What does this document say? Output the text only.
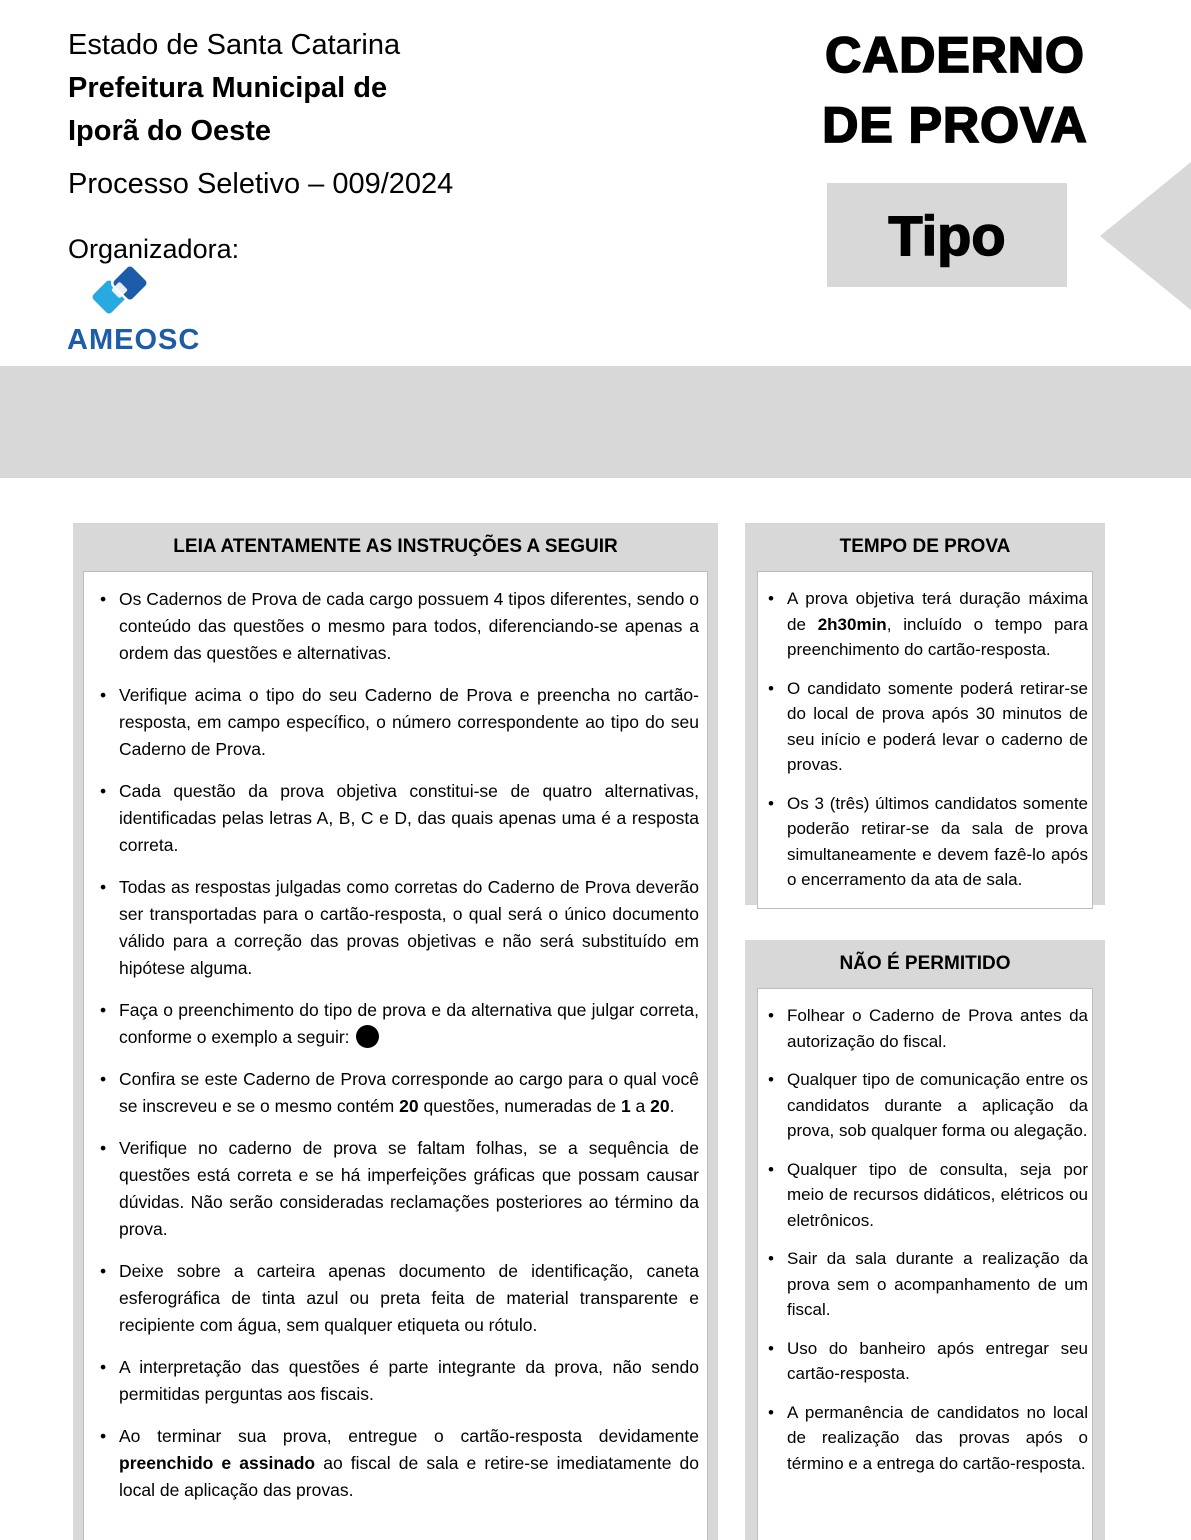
Estado de Santa Catarina
Prefeitura Municipal de
Iporã do Oeste
Processo Seletivo – 009/2024
Organizadora:
AMEOSC
CADERNO
DE PROVA
Tipo
LEIA ATENTAMENTE AS INSTRUÇÕES A SEGUIR
• Os Cadernos de Prova de cada cargo possuem 4 tipos diferentes, sendo o conteúdo das questões o mesmo para todos, diferenciando-se apenas a ordem das questões e alternativas.
• Verifique acima o tipo do seu Caderno de Prova e preencha no cartão-resposta, em campo específico, o número correspondente ao tipo do seu Caderno de Prova.
• Cada questão da prova objetiva constitui-se de quatro alternativas, identificadas pelas letras A, B, C e D, das quais apenas uma é a resposta correta.
• Todas as respostas julgadas como corretas do Caderno de Prova deverão ser transportadas para o cartão-resposta, o qual será o único documento válido para a correção das provas objetivas e não será substituído em hipótese alguma.
• Faça o preenchimento do tipo de prova e da alternativa que julgar correta, conforme o exemplo a seguir:
• Confira se este Caderno de Prova corresponde ao cargo para o qual você se inscreveu e se o mesmo contém 20 questões, numeradas de 1 a 20.
• Verifique no caderno de prova se faltam folhas, se a sequência de questões está correta e se há imperfeições gráficas que possam causar dúvidas. Não serão consideradas reclamações posteriores ao término da prova.
• Deixe sobre a carteira apenas documento de identificação, caneta esferográfica de tinta azul ou preta feita de material transparente e recipiente com água, sem qualquer etiqueta ou rótulo.
• A interpretação das questões é parte integrante da prova, não sendo permitidas perguntas aos fiscais.
• Ao terminar sua prova, entregue o cartão-resposta devidamente preenchido e assinado ao fiscal de sala e retire-se imediatamente do local de aplicação das provas.
TEMPO DE PROVA
• A prova objetiva terá duração máxima de 2h30min, incluído o tempo para preenchimento do cartão-resposta.
• O candidato somente poderá́ retirar-se do local de prova após 30 minutos de seu início e poderá́ levar o caderno de provas.
• Os 3 (três) últimos candidatos somente poderão retirar-se da sala de prova simultaneamente e devem fazê-lo após o encerramento da ata de sala.
NÃO É PERMITIDO
• Folhear o Caderno de Prova antes da autorização do fiscal.
• Qualquer tipo de comunicação entre os candidatos durante a aplicação da prova, sob qualquer forma ou alegação.
• Qualquer tipo de consulta, seja por meio de recursos didáticos, elétricos ou eletrônicos.
• Sair da sala durante a realização da prova sem o acompanhamento de um fiscal.
• Uso do banheiro após entregar seu cartão-resposta.
• A permanência de candidatos no local de realização das provas após o término e a entrega do cartão-resposta.
